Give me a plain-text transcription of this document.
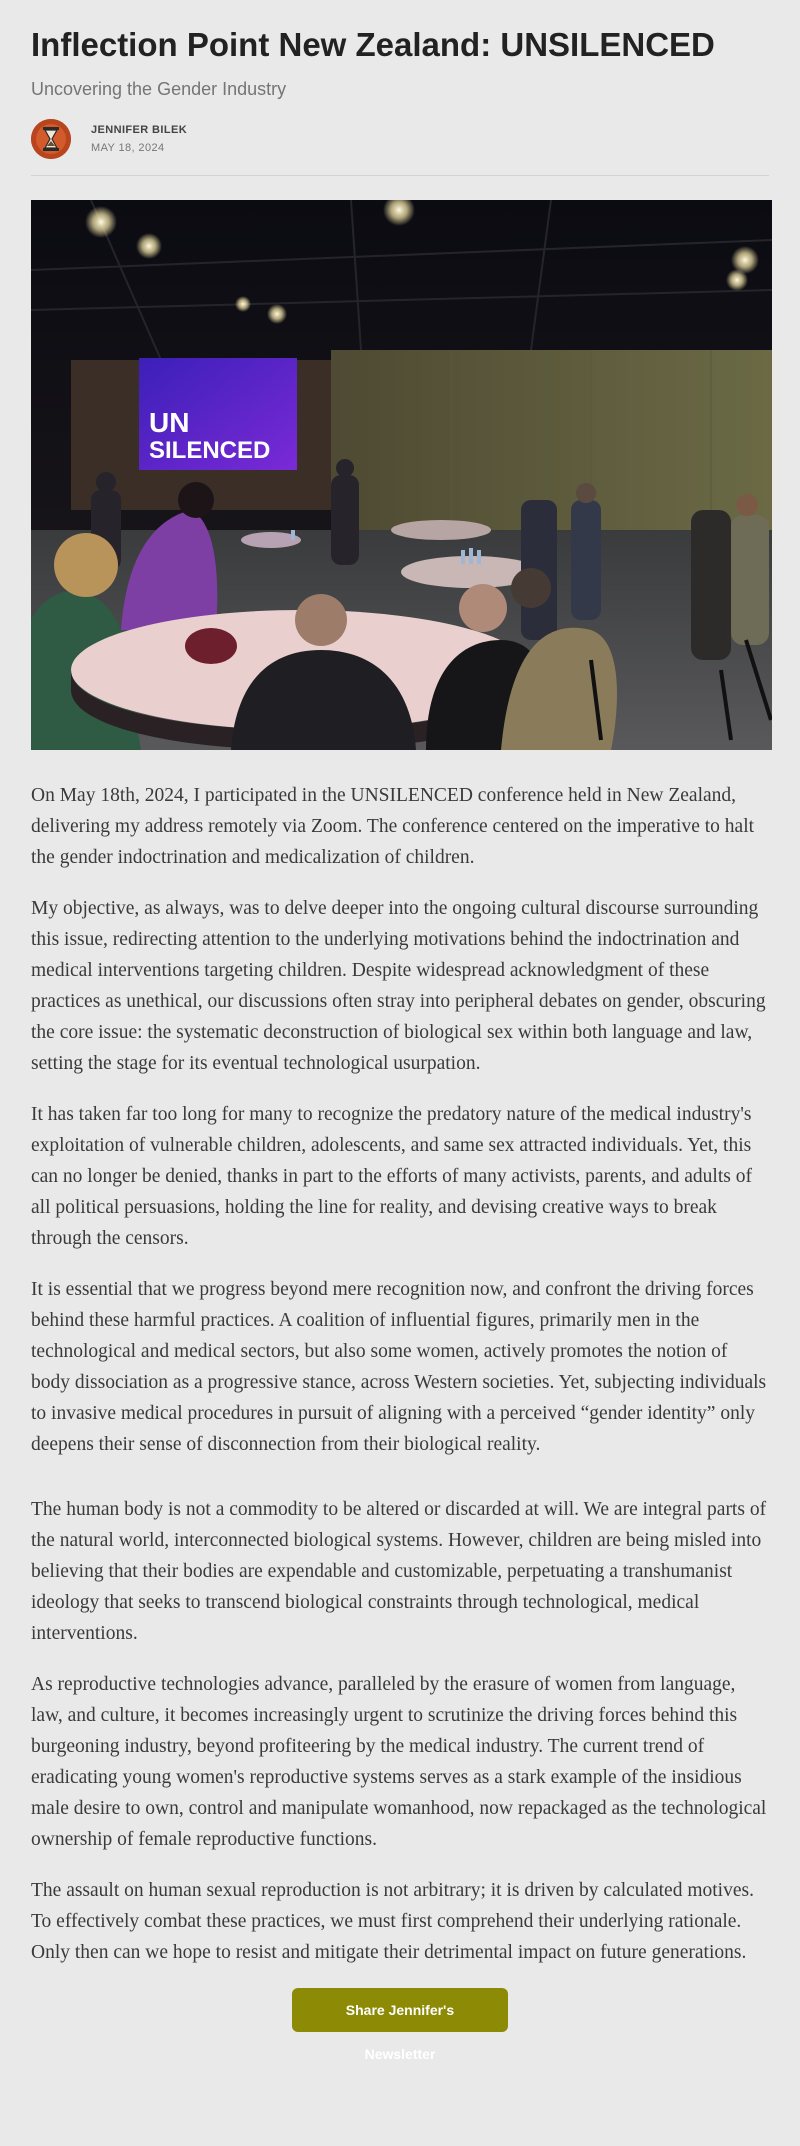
Inflection Point New Zealand: UNSILENCED
Uncovering the Gender Industry
JENNIFER BILEK
MAY 18, 2024
UN
SILENCED

On May 18th, 2024, I participated in the UNSILENCED conference held in New Zealand, delivering my address remotely via Zoom. The conference centered on the imperative to halt the gender indoctrination and medicalization of children.

My objective, as always, was to delve deeper into the ongoing cultural discourse surrounding this issue, redirecting attention to the underlying motivations behind the indoctrination and medical interventions targeting children. Despite widespread acknowledgment of these practices as unethical, our discussions often stray into peripheral debates on gender, obscuring the core issue: the systematic deconstruction of biological sex within both language and law, setting the stage for its eventual technological usurpation.

It has taken far too long for many to recognize the predatory nature of the medical industry's exploitation of vulnerable children, adolescents, and same sex attracted individuals. Yet, this can no longer be denied, thanks in part to the efforts of many activists, parents, and adults of all political persuasions, holding the line for reality, and devising creative ways to break through the censors.

It is essential that we progress beyond mere recognition now, and confront the driving forces behind these harmful practices. A coalition of influential figures, primarily men in the technological and medical sectors, but also some women, actively promotes the notion of body dissociation as a progressive stance, across Western societies. Yet, subjecting individuals to invasive medical procedures in pursuit of aligning with a perceived “gender identity” only deepens their sense of disconnection from their biological reality.

The human body is not a commodity to be altered or discarded at will. We are integral parts of the natural world, interconnected biological systems. However, children are being misled into believing that their bodies are expendable and customizable, perpetuating a transhumanist ideology that seeks to transcend biological constraints through technological, medical interventions.

As reproductive technologies advance, paralleled by the erasure of women from language, law, and culture, it becomes increasingly urgent to scrutinize the driving forces behind this burgeoning industry, beyond profiteering by the medical industry. The current trend of eradicating young women's reproductive systems serves as a stark example of the insidious male desire to own, control and manipulate womanhood, now repackaged as the technological ownership of female reproductive functions.

The assault on human sexual reproduction is not arbitrary; it is driven by calculated motives. To effectively combat these practices, we must first comprehend their underlying rationale. Only then can we hope to resist and mitigate their detrimental impact on future generations.

Share Jennifer's Newsletter
